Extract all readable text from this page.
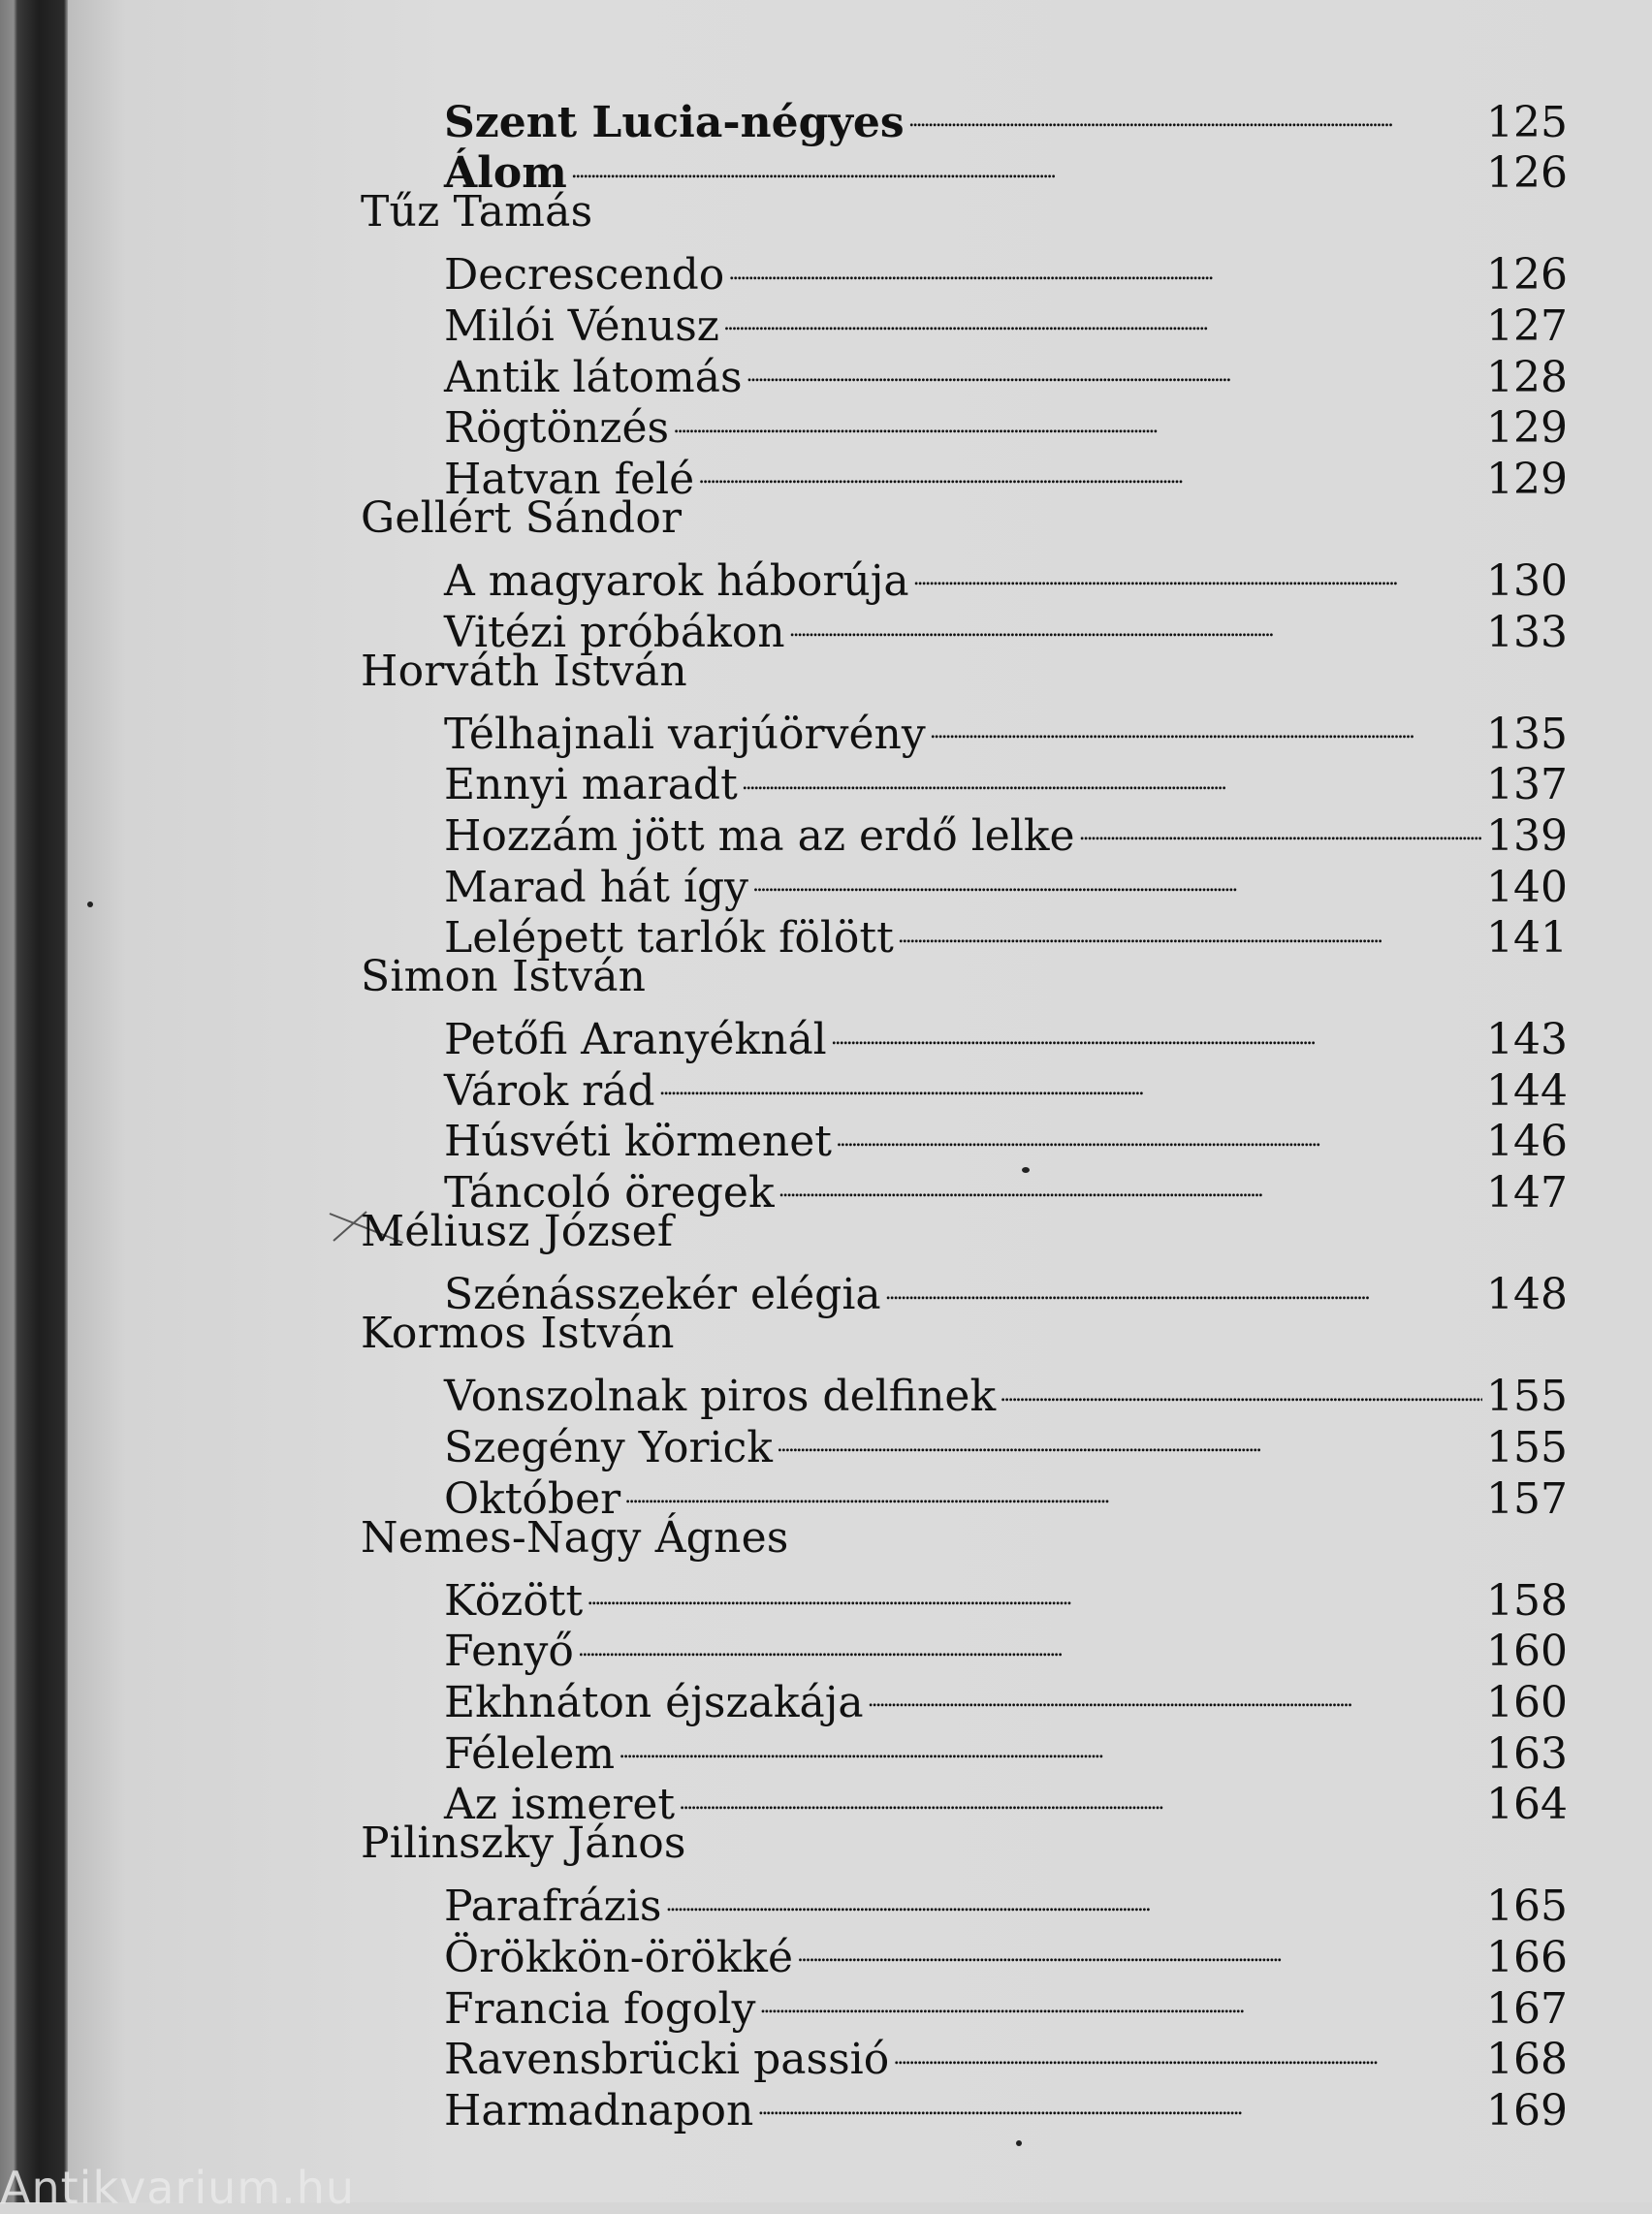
Szent Lucia-négyes . . .	125
Álom . . .	126
Tűz Tamás
Decrescendo . . .	126
Milói Vénusz . . .	127
Antik látomás . . .	128
Rögtönzés . . .	129
Hatvan felé . . .	129
Gellért Sándor
A magyarok háborúja . . .	130
Vitézi próbákon . . .	133
Horváth István
Télhajnali varjúörvény . . .	135
Ennyi maradt . . .	137
Hozzám jött ma az erdő lelke . . .	139
Marad hát így . . .	140
Lelépett tarlók fölött . . .	141
Simon István
Petőfi Aranyéknál . . .	143
Várok rád . . .	144
Húsvéti körmenet . . .	146
Táncoló öregek . . .	147
Méliusz József
Szénásszekér elégia . . .	148
Kormos István
Vonszolnak piros delfinek . . .	155
Szegény Yorick . . .	155
Október . . .	157
Nemes-Nagy Ágnes
Között . . .	158
Fenyő . . .	160
Ekhnáton éjszakája . . .	160
Félelem . . .	163
Az ismeret . . .	164
Pilinszky János
Parafrázis . . .	165
Örökkön-örökké . . .	166
Francia fogoly . . .	167
Ravensbrücki passió . . .	168
Harmadnapon . . .	169
Antikvarium.hu
